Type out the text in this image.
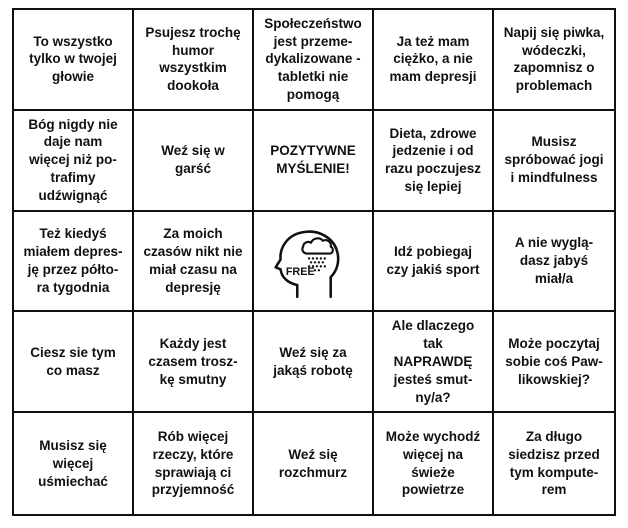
To wszystko
tylko w twojej
głowie
Psujesz trochę
humor
wszystkim
dookoła
Społeczeństwo
jest przeme-
dykalizowane -
tabletki nie
pomogą
Ja też mam
ciężko, a nie
mam depresji
Napij się piwka,
wódeczki,
zapomnisz o
problemach
Bóg nigdy nie
daje nam
więcej niż po-
trafimy
udźwignąć
Weź się w
garść
POZYTYWNE
MYŚLENIE!
Dieta, zdrowe
jedzenie i od
razu poczujesz
się lepiej
Musisz
spróbować jogi
i mindfulness
Też kiedyś
miałem depres-
ję przez półto-
ra tygodnia
Za moich
czasów nikt nie
miał czasu na
depresję
FREE
Idź pobiegaj
czy jakiś sport
A nie wyglą-
dasz jabyś
miał/a
Ciesz sie tym
co masz
Każdy jest
czasem trosz-
kę smutny
Weź się za
jakąś robotę
Ale dlaczego
tak
NAPRAWDĘ
jesteś smut-
ny/a?
Może poczytaj
sobie coś Paw-
likowskiej?
Musisz się
więcej
uśmiechać
Rób więcej
rzeczy, które
sprawiają ci
przyjemność
Weź się
rozchmurz
Może wychodź
więcej na
świeże
powietrze
Za długo
siedzisz przed
tym kompute-
rem
